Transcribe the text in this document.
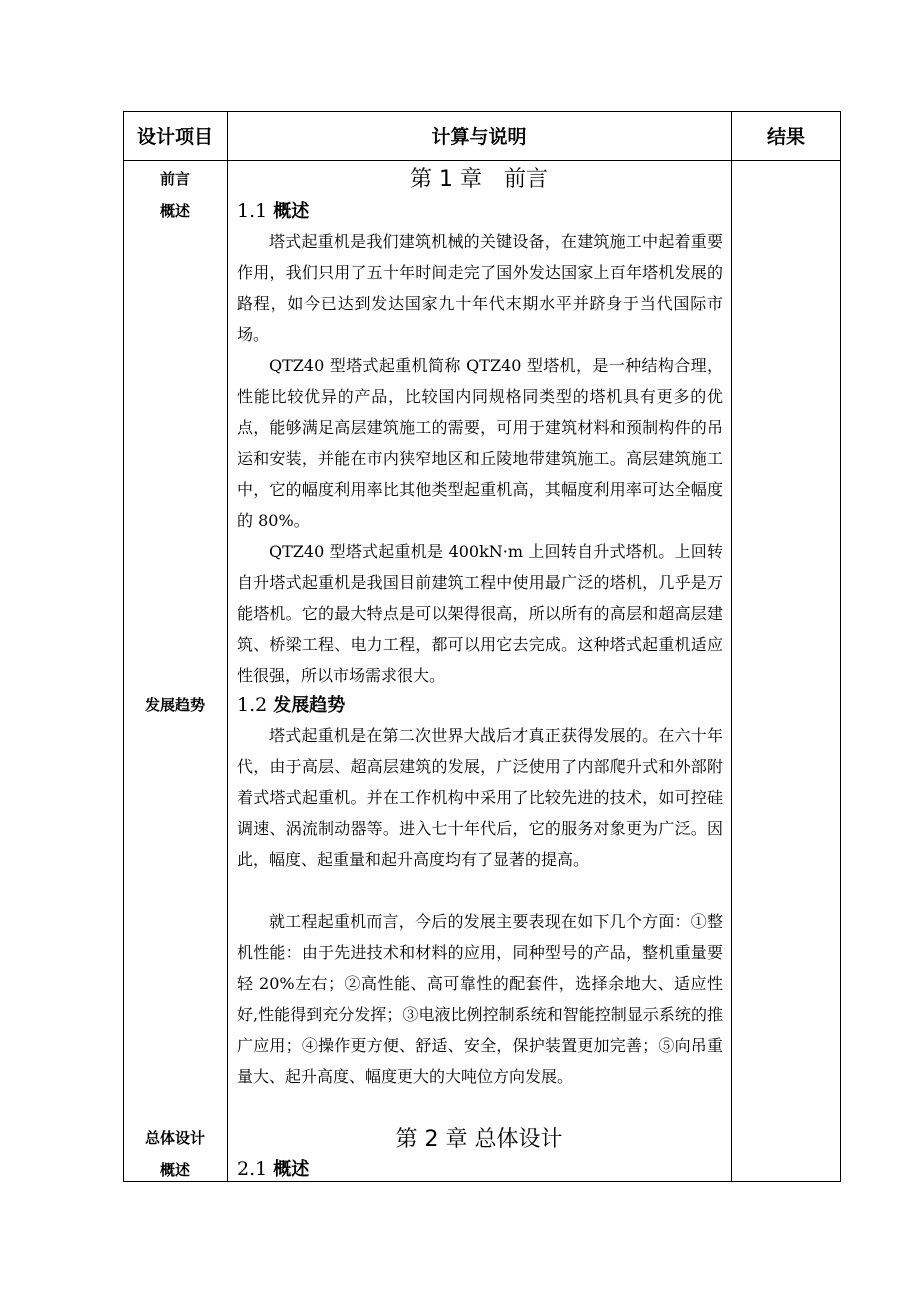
设计项目	计算与说明	结果
前言
概述
发展趋势
总体设计
概述
第 1 章　前言
1.1 概述

塔式起重机是我们建筑机械的关键设备，在建筑施工中起着重要作用，我们只用了五十年时间走完了国外发达国家上百年塔机发展的路程，如今已达到发达国家九十年代末期水平并跻身于当代国际市场。

QTZ40 型塔式起重机简称 QTZ40 型塔机，是一种结构合理，性能比较优异的产品，比较国内同规格同类型的塔机具有更多的优点，能够满足高层建筑施工的需要，可用于建筑材料和预制构件的吊运和安装，并能在市内狭窄地区和丘陵地带建筑施工。高层建筑施工中，它的幅度利用率比其他类型起重机高，其幅度利用率可达全幅度的 80%。

QTZ40 型塔式起重机是 400kN·m 上回转自升式塔机。上回转自升塔式起重机是我国目前建筑工程中使用最广泛的塔机，几乎是万能塔机。它的最大特点是可以架得很高，所以所有的高层和超高层建筑、桥梁工程、电力工程，都可以用它去完成。这种塔式起重机适应性很强，所以市场需求很大。

1.2 发展趋势

塔式起重机是在第二次世界大战后才真正获得发展的。在六十年代，由于高层、超高层建筑的发展，广泛使用了内部爬升式和外部附着式塔式起重机。并在工作机构中采用了比较先进的技术，如可控硅调速、涡流制动器等。进入七十年代后，它的服务对象更为广泛。因此，幅度、起重量和起升高度均有了显著的提高。

就工程起重机而言，今后的发展主要表现在如下几个方面：①整机性能：由于先进技术和材料的应用，同种型号的产品，整机重量要轻 20%左右；②高性能、高可靠性的配套件，选择余地大、适应性好,性能得到充分发挥；③电液比例控制系统和智能控制显示系统的推广应用；④操作更方便、舒适、安全，保护装置更加完善；⑤向吊重量大、起升高度、幅度更大的大吨位方向发展。

第 2 章 总体设计
2.1 概述
